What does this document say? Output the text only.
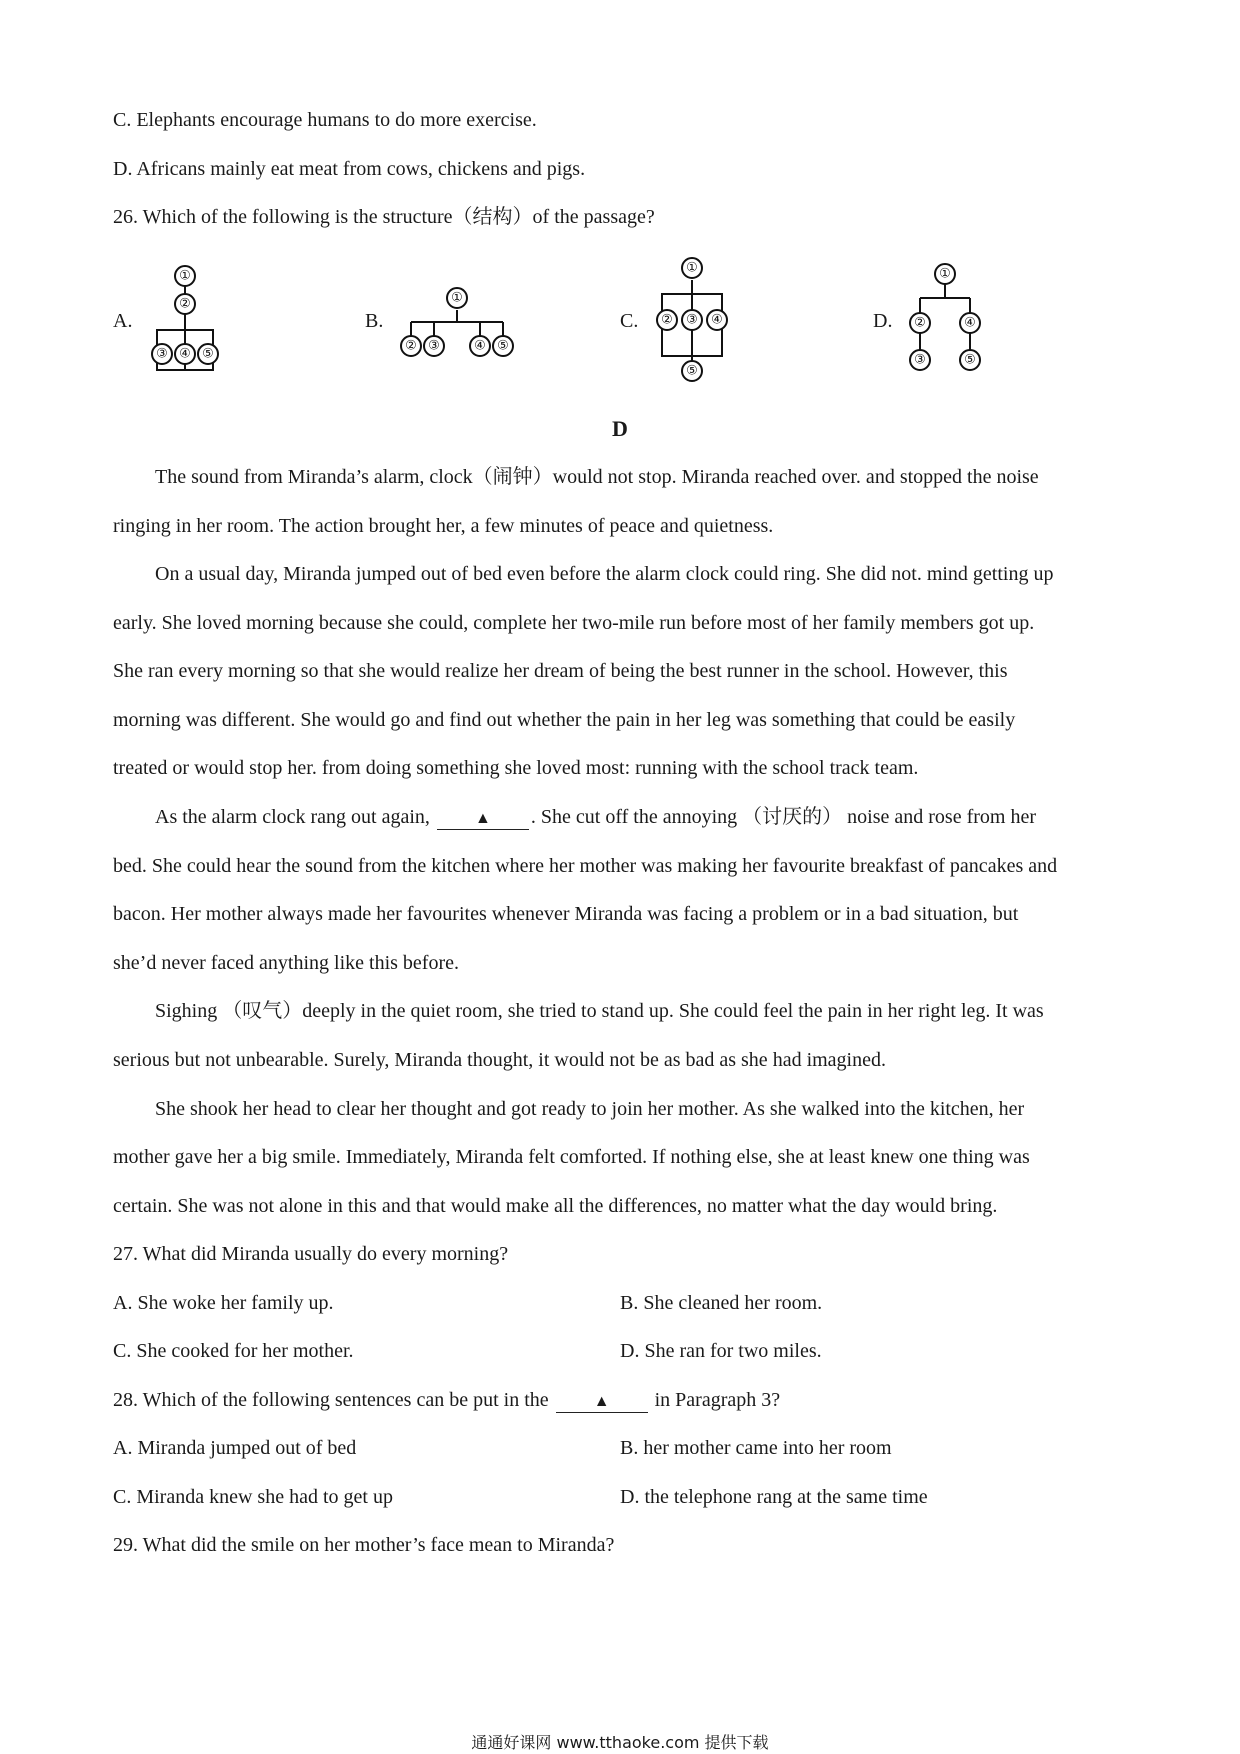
C. Elephants encourage humans to do more exercise.
D. Africans mainly eat meat from cows, chickens and pigs.
26. Which of the following is the structure（结构）of the passage?
A.
①
②
③ ④ ⑤
B.
①
② ③	④ ⑤
C.
①
② ③ ④
⑤
D.
①
②	④
③	⑤
D
The sound from Miranda’s alarm, clock（闹钟）would not stop. Miranda reached over. and stopped the noise
ringing in her room. The action brought her, a few minutes of peace and quietness.
On a usual day, Miranda jumped out of bed even before the alarm clock could ring. She did not. mind getting up
early. She loved morning because she could, complete her two-mile run before most of her family members got up.
She ran every morning so that she would realize her dream of being the best runner in the school. However, this
morning was different. She would go and find out whether the pain in her leg was something that could be easily
treated or would stop her. from doing something she loved most: running with the school track team.
As the alarm clock rang out again,	▲ . She cut off the annoying （讨厌的） noise and rose from her
bed. She could hear the sound from the kitchen where her mother was making her favourite breakfast of pancakes and
bacon. Her mother always made her favourites whenever Miranda was facing a problem or in a bad situation, but
she’d never faced anything like this before.
Sighing （叹气）deeply in the quiet room, she tried to stand up. She could feel the pain in her right leg. It was
serious but not unbearable. Surely, Miranda thought, it would not be as bad as she had imagined.
She shook her head to clear her thought and got ready to join her mother. As she walked into the kitchen, her
mother gave her a big smile. Immediately, Miranda felt comforted. If nothing else, she at least knew one thing was
certain. She was not alone in this and that would make all the differences, no matter what the day would bring.
27. What did Miranda usually do every morning?
A. She woke her family up.	B. She cleaned her room.
C. She cooked for her mother.	D. She ran for two miles.
28. Which of the following sentences can be put in the	▲ in Paragraph 3?
A. Miranda jumped out of bed	B. her mother came into her room
C. Miranda knew she had to get up	D. the telephone rang at the same time
29. What did the smile on her mother’s face mean to Miranda?
通通好课网 www.tthaoke.com 提供下载
